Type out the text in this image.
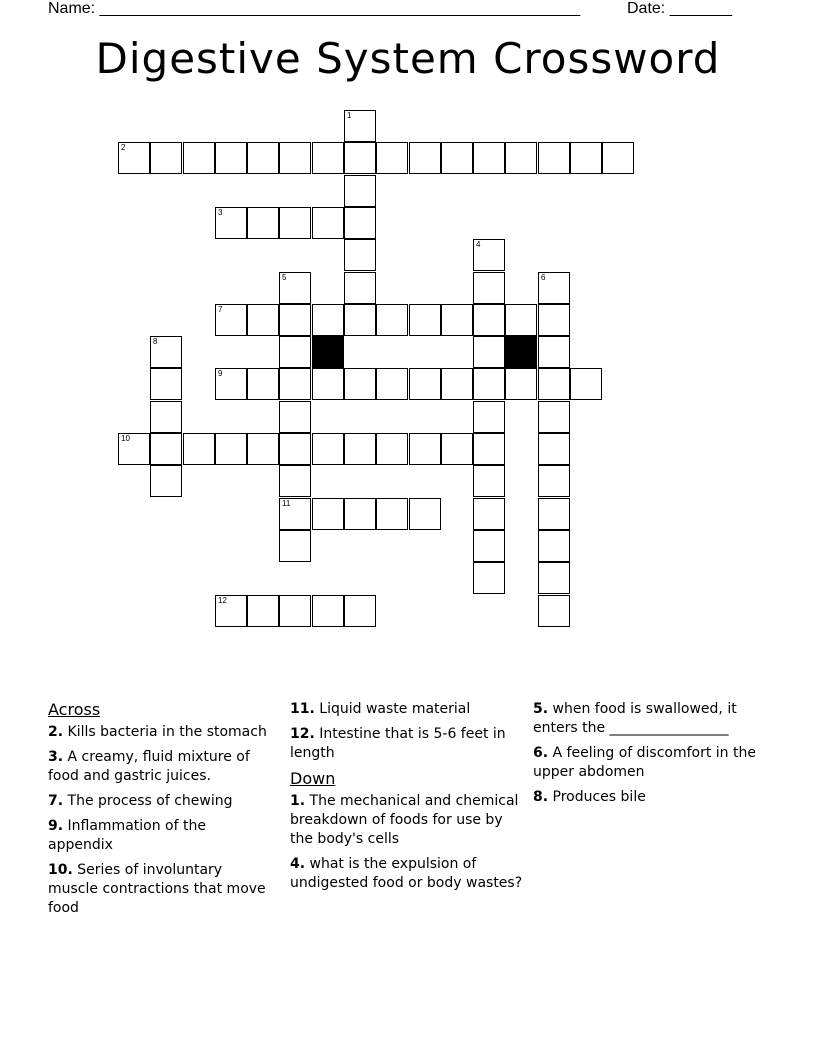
Name: ______________________________________________________	Date: _______
Digestive System Crossword
1
2
3
4
5
11
6
7
8
9
10
12
Across
2. Kills bacteria in the stomach
3. A creamy, fluid mixture of food and gastric juices.
7. The process of chewing
9. Inflammation of the appendix
10. Series of involuntary muscle contractions that move food
11. Liquid waste material
12. Intestine that is 5-6 feet in length
Down
1. The mechanical and chemical breakdown of foods for use by the body's cells
4. what is the expulsion of undigested food or body wastes?
5. when food is swallowed, it enters the _________________
6. A feeling of discomfort in the upper abdomen
8. Produces bile
